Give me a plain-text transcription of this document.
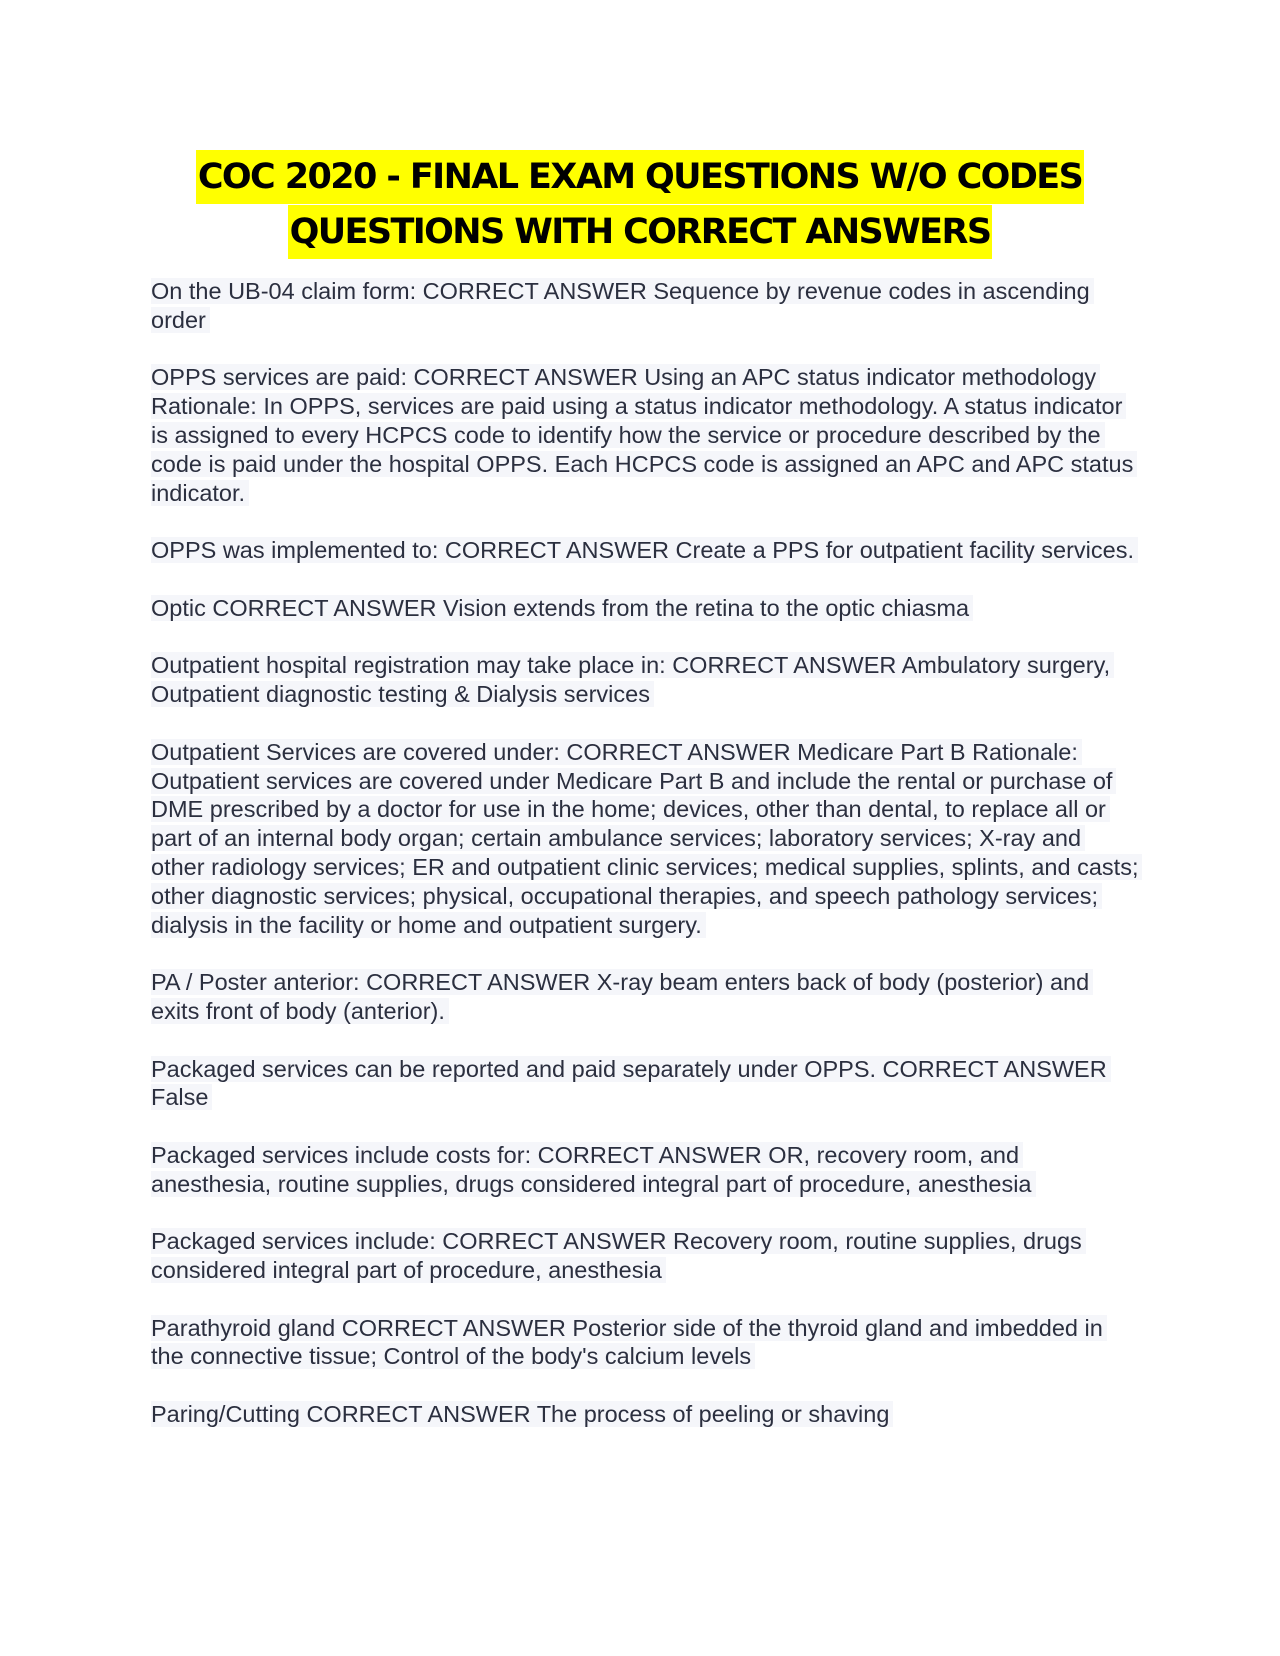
COC 2020 - FINAL EXAM QUESTIONS W/O CODES
QUESTIONS WITH CORRECT ANSWERS

On the UB-04 claim form: CORRECT ANSWER Sequence by revenue codes in ascending order

OPPS services are paid: CORRECT ANSWER Using an APC status indicator methodology Rationale: In OPPS, services are paid using a status indicator methodology. A status indicator is assigned to every HCPCS code to identify how the service or procedure described by the code is paid under the hospital OPPS. Each HCPCS code is assigned an APC and APC status indicator.

OPPS was implemented to: CORRECT ANSWER Create a PPS for outpatient facility services.

Optic CORRECT ANSWER Vision extends from the retina to the optic chiasma

Outpatient hospital registration may take place in: CORRECT ANSWER Ambulatory surgery, Outpatient diagnostic testing & Dialysis services

Outpatient Services are covered under: CORRECT ANSWER Medicare Part B Rationale: Outpatient services are covered under Medicare Part B and include the rental or purchase of DME prescribed by a doctor for use in the home; devices, other than dental, to replace all or part of an internal body organ; certain ambulance services; laboratory services; X-ray and other radiology services; ER and outpatient clinic services; medical supplies, splints, and casts; other diagnostic services; physical, occupational therapies, and speech pathology services; dialysis in the facility or home and outpatient surgery.

PA / Poster anterior: CORRECT ANSWER X-ray beam enters back of body (posterior) and exits front of body (anterior).

Packaged services can be reported and paid separately under OPPS. CORRECT ANSWER False

Packaged services include costs for: CORRECT ANSWER OR, recovery room, and anesthesia, routine supplies, drugs considered integral part of procedure, anesthesia

Packaged services include: CORRECT ANSWER Recovery room, routine supplies, drugs considered integral part of procedure, anesthesia

Parathyroid gland CORRECT ANSWER Posterior side of the thyroid gland and imbedded in the connective tissue; Control of the body's calcium levels

Paring/Cutting CORRECT ANSWER The process of peeling or shaving
